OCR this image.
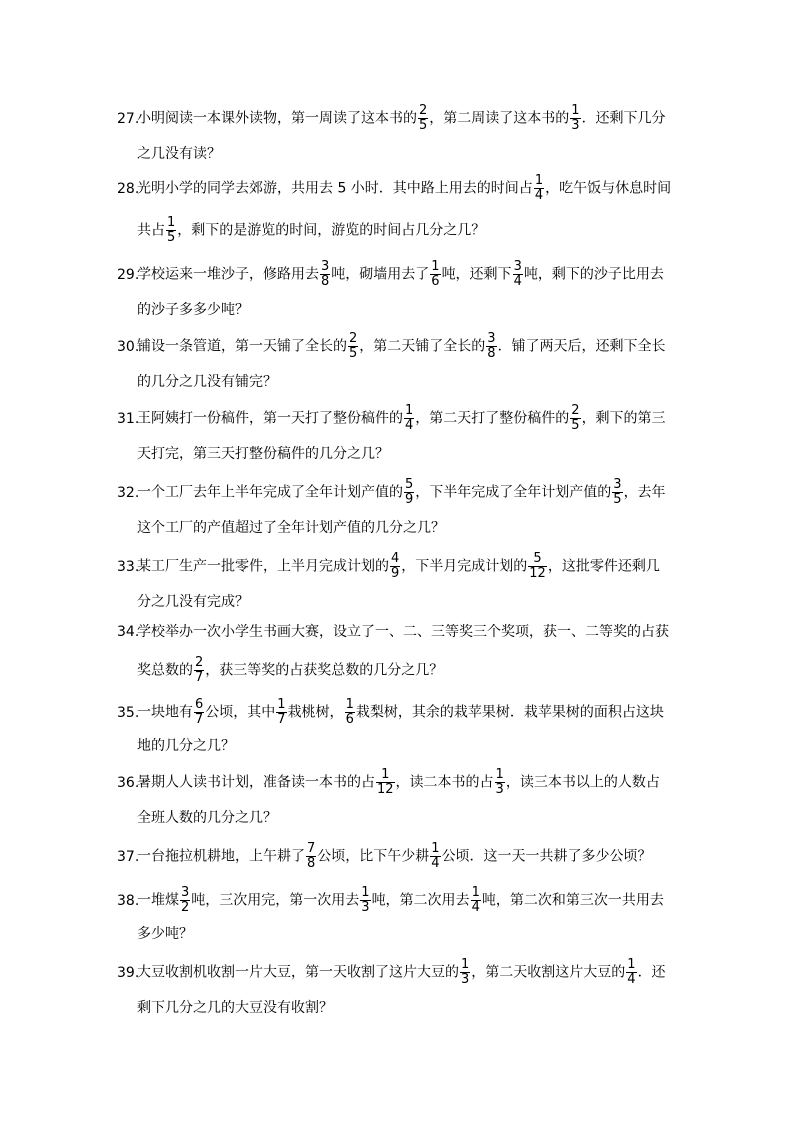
27.小明阅读一本课外读物，第一周读了这本书的 $\frac{2}{5}$ ，第二周读了这本书的 $\frac{1}{3}$ ．还剩下几分
之几没有读？
28.光明小学的同学去郊游，共用去 5 小时．其中路上用去的时间占 $\frac{1}{4}$ ，吃午饭与休息时间
共占 $\frac{1}{5}$ ，剩下的是游览的时间，游览的时间占几分之几？
29.学校运来一堆沙子，修路用去 $\frac{3}{8}$ 吨，砌墙用去了 $\frac{1}{6}$ 吨，还剩下 $\frac{3}{4}$ 吨，剩下的沙子比用去
的沙子多多少吨？
30.铺设一条管道，第一天铺了全长的 $\frac{2}{5}$ ，第二天铺了全长的 $\frac{3}{8}$ ．铺了两天后，还剩下全长
的几分之几没有铺完？
31.王阿姨打一份稿件，第一天打了整份稿件的 $\frac{1}{4}$ ，第二天打了整份稿件的 $\frac{2}{5}$ ，剩下的第三
天打完，第三天打整份稿件的几分之几？
32.一个工厂去年上半年完成了全年计划产值的 $\frac{5}{9}$ ，下半年完成了全年计划产值的 $\frac{3}{5}$ ，去年
这个工厂的产值超过了全年计划产值的几分之几？
33.某工厂生产一批零件，上半月完成计划的 $\frac{4}{9}$ ，下半月完成计划的 $\frac{5}{12}$ ，这批零件还剩几
分之几没有完成？
34.学校举办一次小学生书画大赛，设立了一、二、三等奖三个奖项，获一、二等奖的占获
奖总数的 $\frac{2}{7}$ ，获三等奖的占获奖总数的几分之几？
35.一块地有 $\frac{6}{7}$ 公顷，其中 $\frac{1}{7}$ 栽桃树， $\frac{1}{6}$ 栽梨树，其余的栽苹果树．栽苹果树的面积占这块
地的几分之几？
36.暑期人人读书计划，准备读一本书的占 $\frac{1}{12}$ ，读二本书的占 $\frac{1}{3}$ ，读三本书以上的人数占
全班人数的几分之几？
37.一台拖拉机耕地，上午耕了 $\frac{7}{8}$ 公顷，比下午少耕 $\frac{1}{4}$ 公顷．这一天一共耕了多少公顷？
38.一堆煤 $\frac{3}{2}$ 吨，三次用完，第一次用去 $\frac{1}{3}$ 吨，第二次用去 $\frac{1}{4}$ 吨，第二次和第三次一共用去
多少吨？
39.大豆收割机收割一片大豆，第一天收割了这片大豆的 $\frac{1}{3}$ ，第二天收割这片大豆的 $\frac{1}{4}$ ．还
剩下几分之几的大豆没有收割？
